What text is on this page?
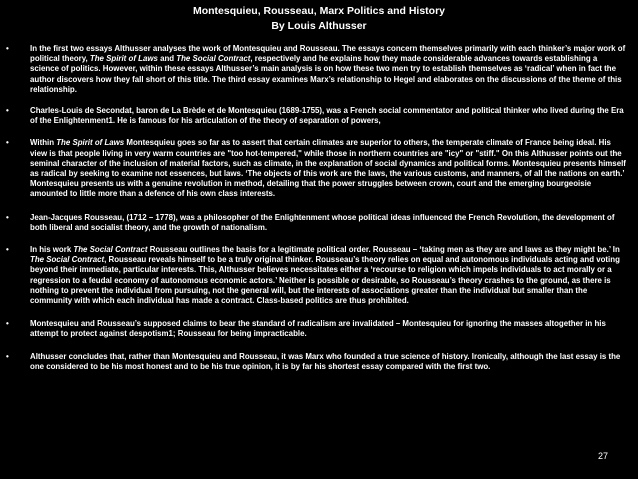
Montesquieu, Rousseau, Marx Politics and History
By Louis Althusser
•	In the first two essays Althusser analyses the work of Montesquieu and Rousseau. The essays concern themselves primarily with each thinker’s major work of political theory, The Spirit of Laws and The Social Contract, respectively and he explains how they made considerable advances towards establishing a science of politics. However, within these essays Althusser’s main analysis is on how these two men try to establish themselves as ‘radical’ when in fact the author discovers how they fall short of this title. The third essay examines Marx’s relationship to Hegel and elaborates on the discussions of the theme of this relationship.
•	Charles-Louis de Secondat, baron de La Brède et de Montesquieu (1689-1755), was a French social commentator and political thinker who lived during the Era of the Enlightenment1. He is famous for his articulation of the theory of separation of powers,
•	Within The Spirit of Laws Montesquieu goes so far as to assert that certain climates are superior to others, the temperate climate of France being ideal. His view is that people living in very warm countries are "too hot-tempered," while those in northern countries are "icy" or "stiff." On this Althusser points out the seminal character of the inclusion of material factors, such as climate, in the explanation of social dynamics and political forms. Montesquieu presents himself as radical by seeking to examine not essences, but laws. ‘The objects of this work are the laws, the various customs, and manners, of all the nations on earth.’ Montesquieu presents us with a genuine revolution in method, detailing that the power struggles between crown, court and the emerging bourgeoisie amounted to little more than a defence of his own class interests.
•	Jean-Jacques Rousseau, (1712 – 1778), was a philosopher of the Enlightenment whose political ideas influenced the French Revolution, the development of both liberal and socialist theory, and the growth of nationalism.
•	In his work The Social Contract Rousseau outlines the basis for a legitimate political order. Rousseau – ‘taking men as they are and laws as they might be.’ In The Social Contract, Rousseau reveals himself to be a truly original thinker. Rousseau’s theory relies on equal and autonomous individuals acting and voting beyond their immediate, particular interests. This, Althusser believes necessitates either a ‘recourse to religion which impels individuals to act morally or a regression to a feudal economy of autonomous economic actors.’ Neither is possible or desirable, so Rousseau’s theory crashes to the ground, as there is nothing to prevent the individual from pursuing, not the general will, but the interests of associations greater than the individual but smaller than the community with which each individual has made a contract. Class-based politics are thus prohibited.
•	Montesquieu and Rousseau’s supposed claims to bear the standard of radicalism are invalidated – Montesquieu for ignoring the masses altogether in his attempt to protect against despotism1; Rousseau for being impracticable.
•	Althusser concludes that, rather than Montesquieu and Rousseau, it was Marx who founded a true science of history. Ironically, although the last essay is the one considered to be his most honest and to be his true opinion, it is by far his shortest essay compared with the first two.
27
